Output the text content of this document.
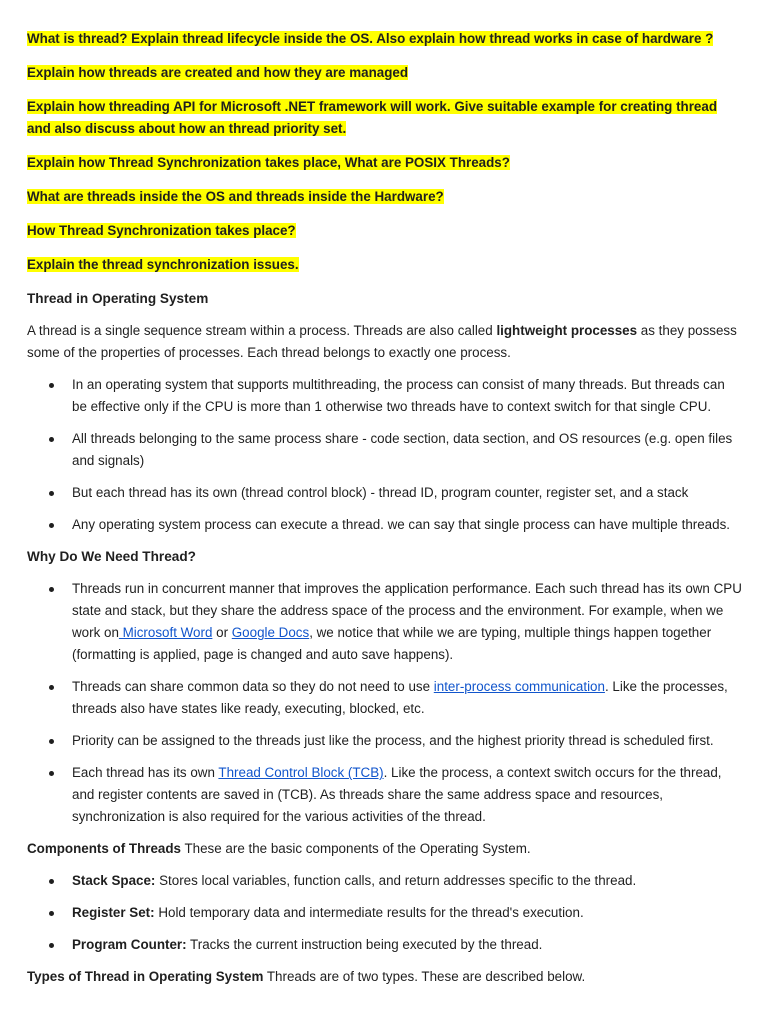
What is thread? Explain thread lifecycle inside the OS. Also explain how thread works in case of hardware ?
Explain how threads are created and how they are managed
Explain how threading API for Microsoft .NET framework will work. Give suitable example for creating thread and also discuss about how an thread priority set.
Explain how Thread Synchronization takes place, What are POSIX Threads?
What are threads inside the OS and threads inside the Hardware?
How Thread Synchronization takes place?
Explain the thread synchronization issues.
Thread in Operating System

A thread is a single sequence stream within a process. Threads are also called lightweight processes as they possess some of the properties of processes. Each thread belongs to exactly one process.

In an operating system that supports multithreading, the process can consist of many threads. But threads can be effective only if the CPU is more than 1 otherwise two threads have to context switch for that single CPU.
All threads belonging to the same process share - code section, data section, and OS resources (e.g. open files and signals)
But each thread has its own (thread control block) - thread ID, program counter, register set, and a stack
Any operating system process can execute a thread. we can say that single process can have multiple threads.
Why Do We Need Thread?
Threads run in concurrent manner that improves the application performance. Each such thread has its own CPU state and stack, but they share the address space of the process and the environment. For example, when we work on Microsoft Word or Google Docs, we notice that while we are typing, multiple things happen together (formatting is applied, page is changed and auto save happens).
Threads can share common data so they do not need to use inter-process communication. Like the processes, threads also have states like ready, executing, blocked, etc.
Priority can be assigned to the threads just like the process, and the highest priority thread is scheduled first.
Each thread has its own Thread Control Block (TCB). Like the process, a context switch occurs for the thread, and register contents are saved in (TCB). As threads share the same address space and resources, synchronization is also required for the various activities of the thread.

Components of Threads These are the basic components of the Operating System.

Stack Space: Stores local variables, function calls, and return addresses specific to the thread.
Register Set: Hold temporary data and intermediate results for the thread's execution.
Program Counter: Tracks the current instruction being executed by the thread.

Types of Thread in Operating System Threads are of two types. These are described below.
